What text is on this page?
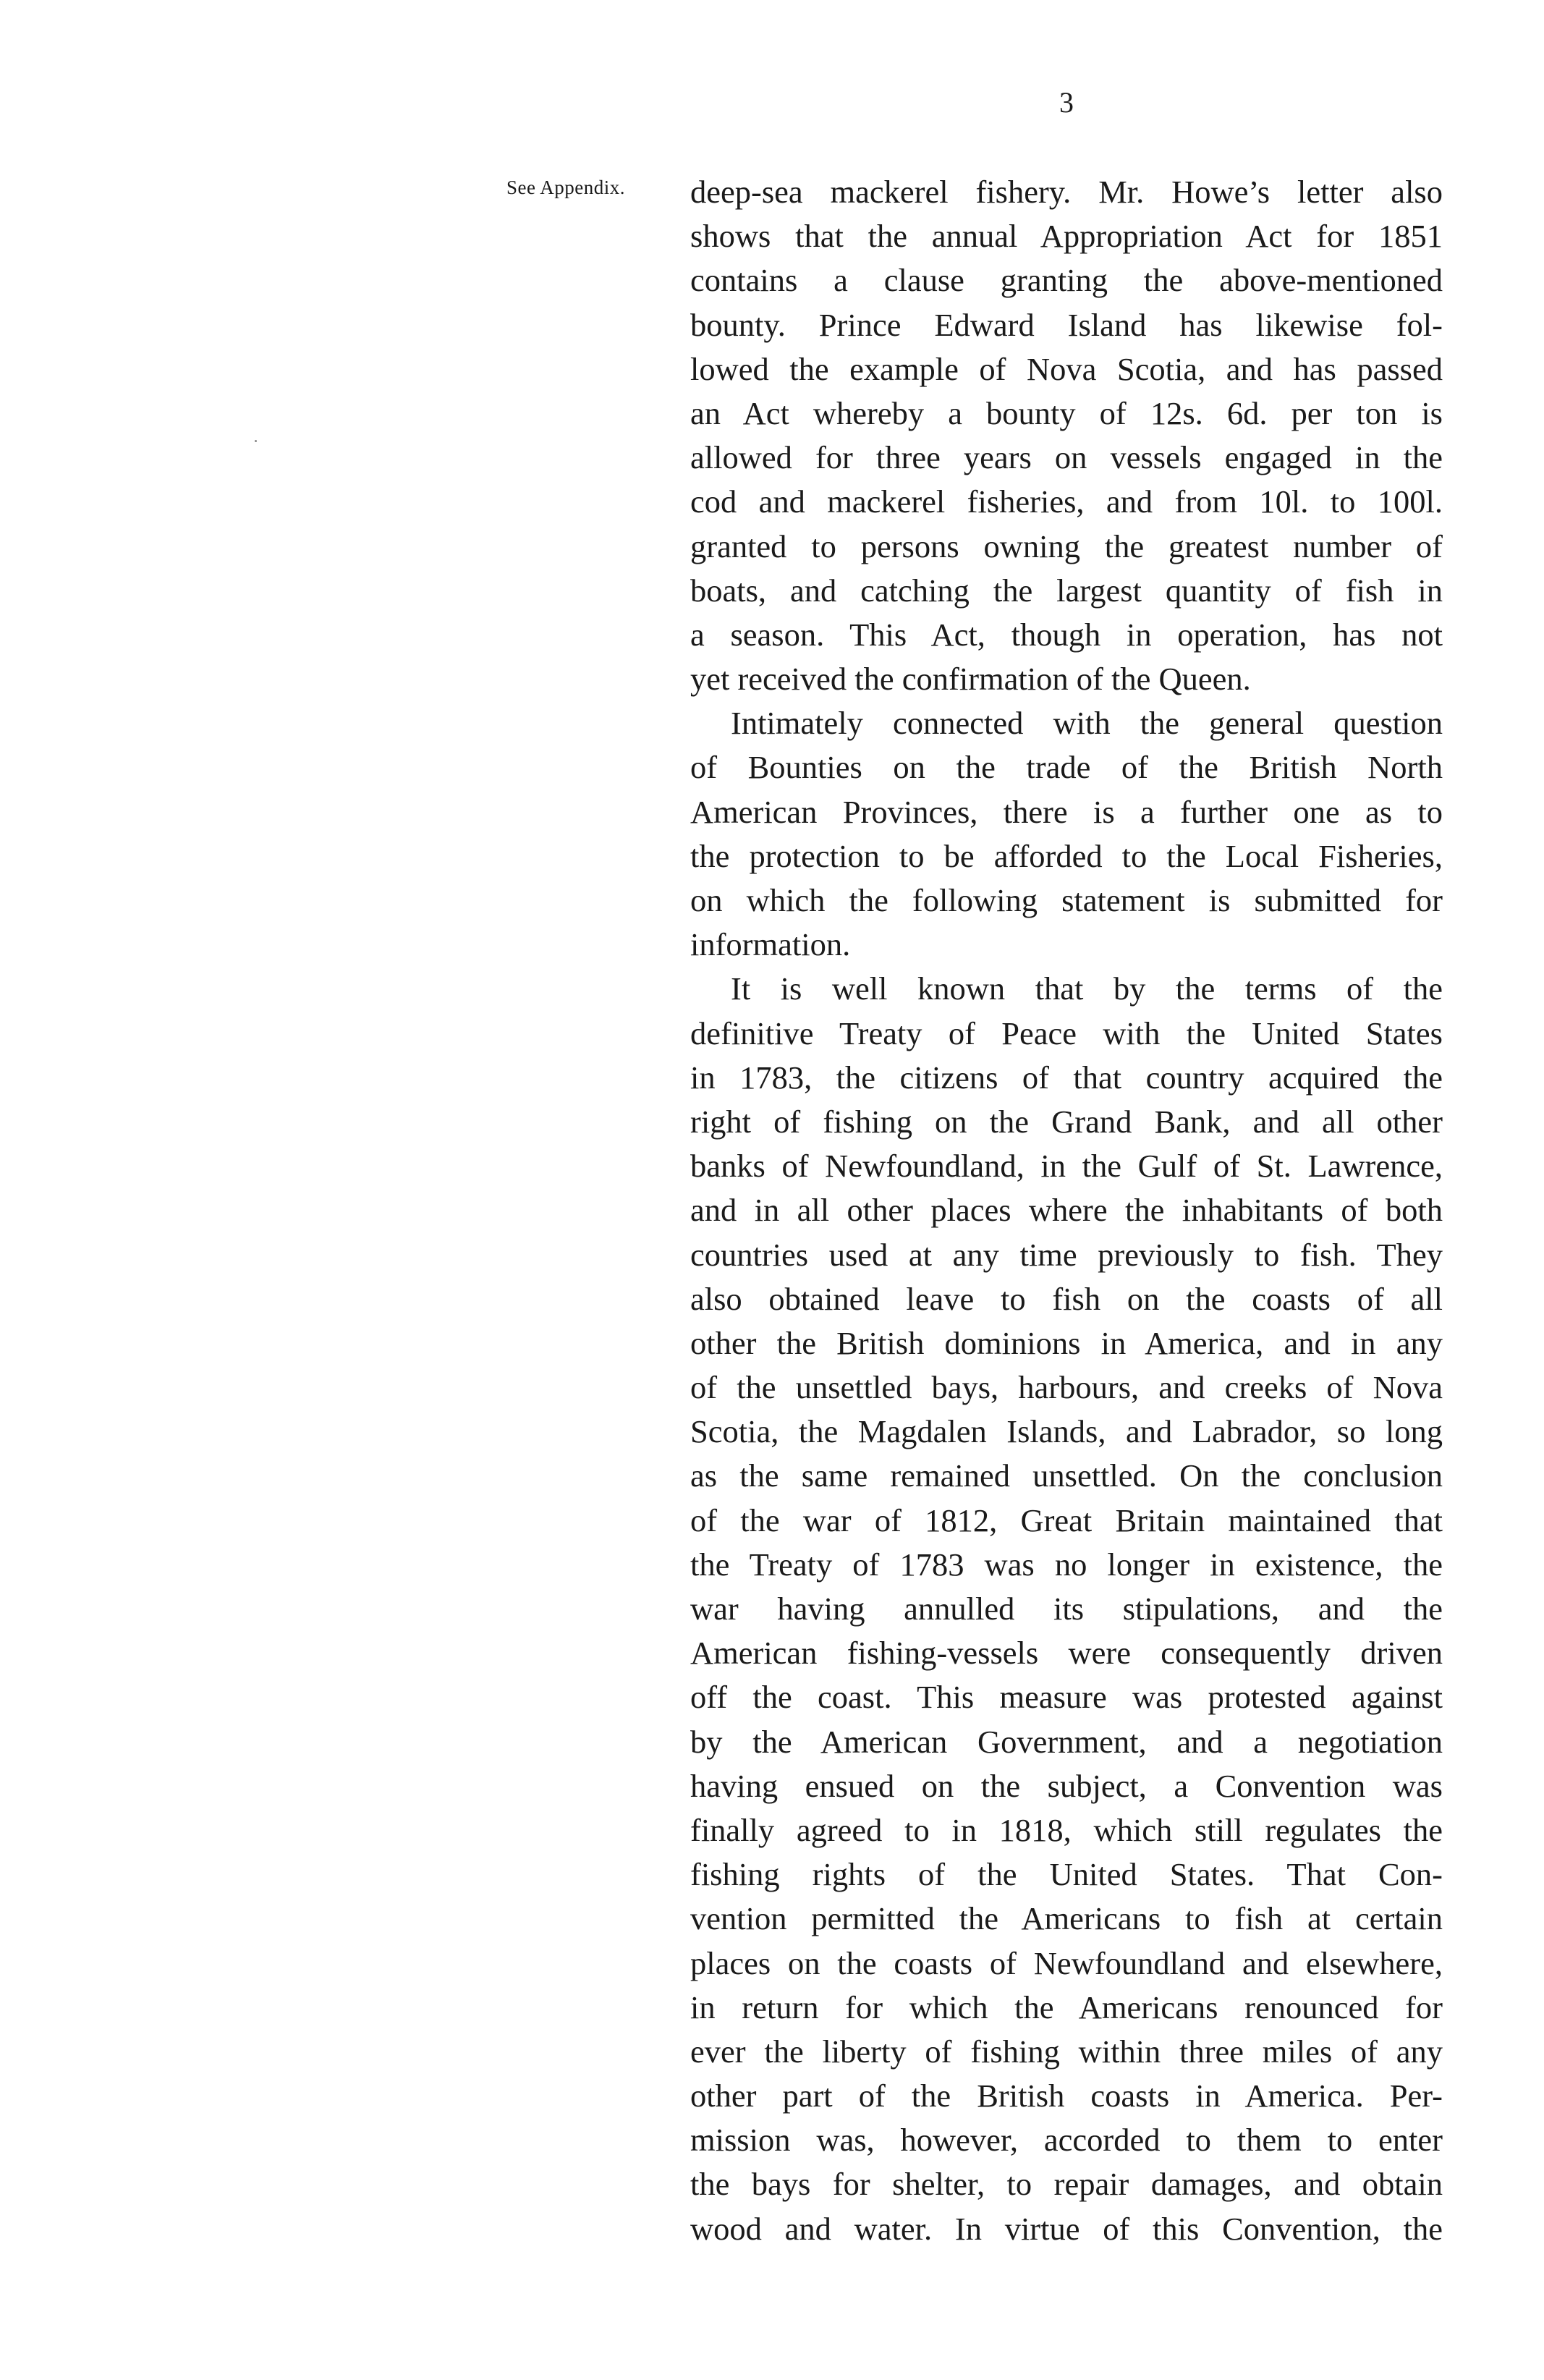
3
See Appendix. deep-sea mackerel fishery. Mr. Howe’s letter also
shows that the annual Appropriation Act for 1851
contains a clause granting the above-mentioned
bounty. Prince Edward Island has likewise fol-
lowed the example of Nova Scotia, and has passed
an Act whereby a bounty of 12s. 6d. per ton is
allowed for three years on vessels engaged in the
cod and mackerel fisheries, and from 10l. to 100l.
granted to persons owning the greatest number of
boats, and catching the largest quantity of fish in
a season. This Act, though in operation, has not
yet received the confirmation of the Queen.
Intimately connected with the general question
of Bounties on the trade of the British North
American Provinces, there is a further one as to
the protection to be afforded to the Local Fisheries,
on which the following statement is submitted for
information.
It is well known that by the terms of the
definitive Treaty of Peace with the United States
in 1783, the citizens of that country acquired the
right of fishing on the Grand Bank, and all other
banks of Newfoundland, in the Gulf of St. Lawrence,
and in all other places where the inhabitants of both
countries used at any time previously to fish. They
also obtained leave to fish on the coasts of all
other the British dominions in America, and in any
of the unsettled bays, harbours, and creeks of Nova
Scotia, the Magdalen Islands, and Labrador, so long
as the same remained unsettled. On the conclusion
of the war of 1812, Great Britain maintained that
the Treaty of 1783 was no longer in existence, the
war having annulled its stipulations, and the
American fishing-vessels were consequently driven
off the coast. This measure was protested against
by the American Government, and a negotiation
having ensued on the subject, a Convention was
finally agreed to in 1818, which still regulates the
fishing rights of the United States. That Con-
vention permitted the Americans to fish at certain
places on the coasts of Newfoundland and elsewhere,
in return for which the Americans renounced for
ever the liberty of fishing within three miles of any
other part of the British coasts in America. Per-
mission was, however, accorded to them to enter
the bays for shelter, to repair damages, and obtain
wood and water. In virtue of this Convention, the
